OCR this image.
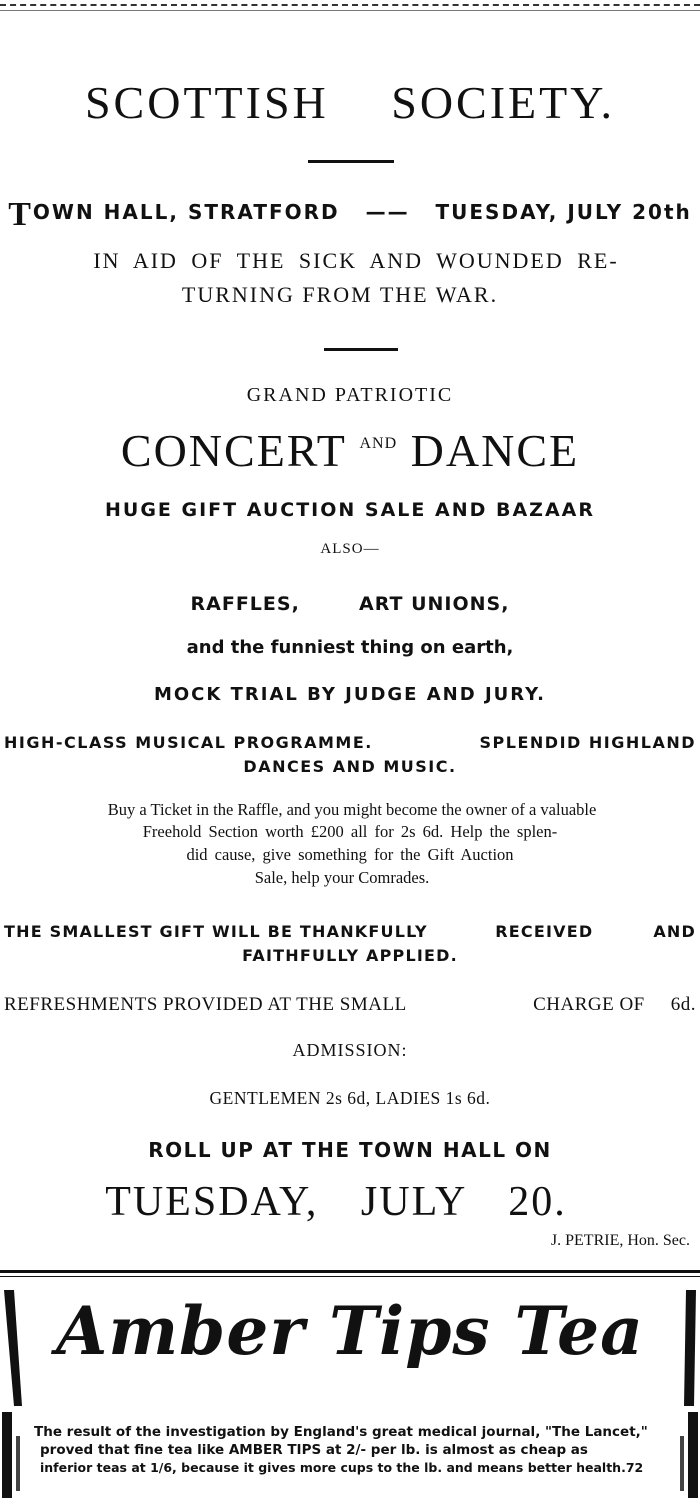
SCOTTISH SOCIETY.
TOWN HALL, STRATFORD —— TUESDAY, JULY 20th
IN AID OF THE SICK AND WOUNDED RE-
TURNING FROM THE WAR.
GRAND PATRIOTIC
CONCERT $^{AND}$ DANCE
HUGE GIFT AUCTION SALE AND BAZAAR
ALSO—
RAFFLES,	ART UNIONS,
and the funniest thing on earth,
MOCK TRIAL BY JUDGE AND JURY.
HIGH-CLASS MUSICAL PROGRAMME.	SPLENDID HIGHLAND
DANCES AND MUSIC.
Buy a Ticket in the Raffle, and you might become the owner of a valuable
Freehold Section worth £200 all for 2s 6d. Help the splen-
did cause, give something for the Gift Auction
Sale, help your Comrades.
THE SMALLEST GIFT WILL BE THANKFULLY	RECEIVED	AND
FAITHFULLY APPLIED.
REFRESHMENTS PROVIDED AT THE SMALL	CHARGE OF 6d.
ADMISSION:
GENTLEMEN 2s 6d, LADIES 1s 6d.
ROLL UP AT THE TOWN HALL ON
TUESDAY, JULY 20.
J. PETRIE, Hon. Sec.
Amber Tips Tea
The result of the investigation by England's great medical journal, "The Lancet,"
proved that fine tea like AMBER TIPS at 2/- per lb. is almost as cheap as
inferior teas at 1/6, because it gives more cups to the lb. and means better health.72
